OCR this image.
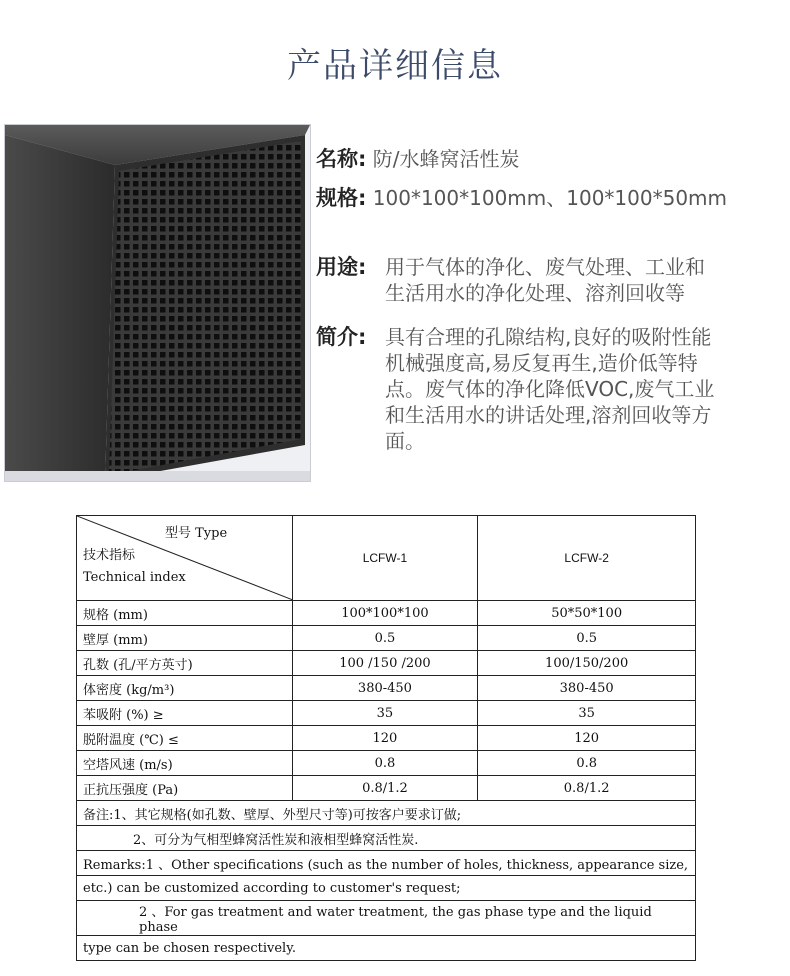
产品详细信息
名称: 防/水蜂窝活性炭
规格: 100*100*100mm、100*100*50mm
用途: 用于气体的净化、废气处理、工业和
生活用水的净化处理、溶剂回收等
简介: 具有合理的孔隙结构,良好的吸附性能
机械强度高,易反复再生,造价低等特
点。废气体的净化降低VOC,废气工业
和生活用水的讲话处理,溶剂回收等方
面。
型号 Type
技术指标
Technical index	LCFW-1	LCFW-2
规格 (mm)	100*100*100	50*50*100
壁厚 (mm)	0.5	0.5
孔数 (孔/平方英寸)	100 /150 /200	100/150/200
体密度 (kg/m³)	380-450	380-450
苯吸附 (%) ≥	35	35
脱附温度 (℃) ≤	120	120
空塔风速 (m/s)	0.8	0.8
正抗压强度 (Pa)	0.8/1.2	0.8/1.2
备注:1、其它规格(如孔数、壁厚、外型尺寸等)可按客户要求订做;		
2、可分为气相型蜂窝活性炭和液相型蜂窝活性炭.		
Remarks:1 、Other specifications (such as the number of holes, thickness, appearance size,		
etc.) can be customized according to customer's request;		
2 、For gas treatment and water treatment, the gas phase type and the liquid phase		
type can be chosen respectively.		
